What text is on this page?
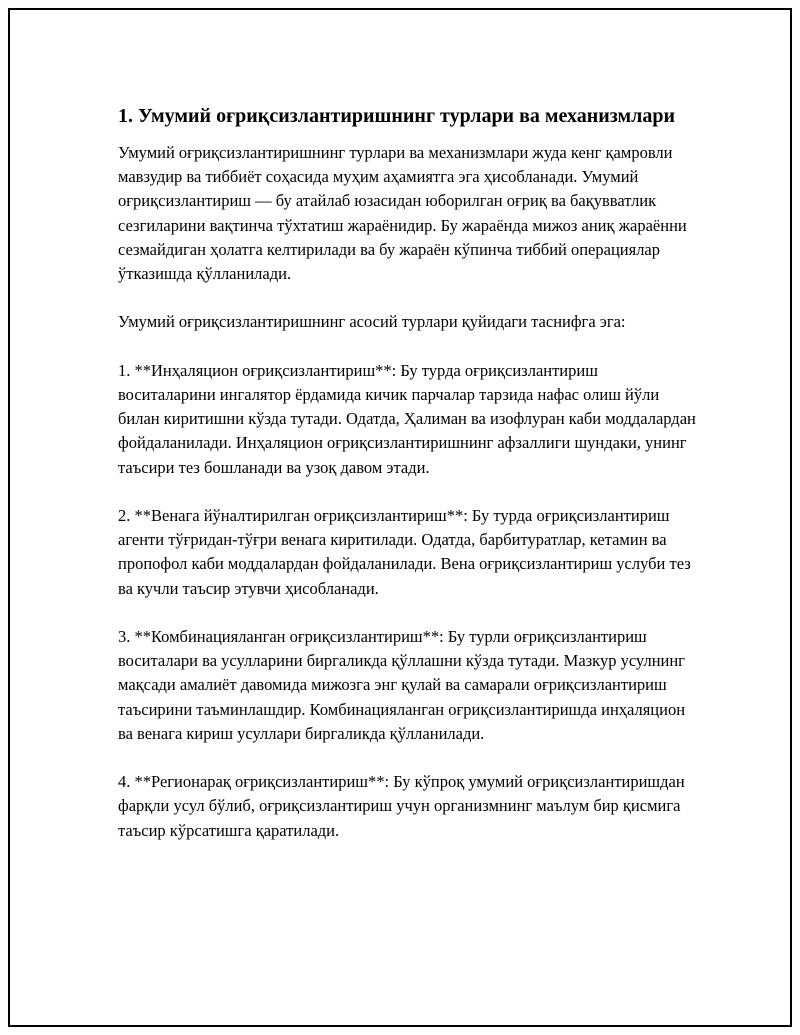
1. Умумий оғриқсизлантиришнинг турлари ва механизмлари

Умумий оғриқсизлантиришнинг турлари ва механизмлари жуда кенг қамровли мавзудир ва тиббиёт соҳасида муҳим аҳамиятга эга ҳисобланади. Умумий оғриқсизлантириш — бу атайлаб юзасидан юборилган оғриқ ва бақувватлик сезгиларини вақтинча тўхтатиш жараёнидир. Бу жараёнда мижоз аниқ жараённи сезмайдиган ҳолатга келтирилади ва бу жараён кўпинча тиббий операциялар ўтказишда қўлланилади.

Умумий оғриқсизлантиришнинг асосий турлари қуйидаги таснифга эга:

1. **Инҳаляцион оғриқсизлантириш**: Бу турда оғриқсизлантириш воситаларини ингалятор ёрдамида кичик парчалар тарзида нафас олиш йўли билан киритишни кўзда тутади. Одатда, Ҳалиман ва изофлуран каби моддалардан фойдаланилади. Инҳаляцион оғриқсизлантиришнинг афзаллиги шундаки, унинг таъсири тез бошланади ва узоқ давом этади.

2. **Венага йўналтирилган оғриқсизлантириш**: Бу турда оғриқсизлантириш агенти тўғридан-тўғри венага киритилади. Одатда, барбитуратлар, кетамин ва пропофол каби моддалардан фойдаланилади. Вена оғриқсизлантириш услуби тез ва кучли таъсир этувчи ҳисобланади.

3. **Комбинацияланган оғриқсизлантириш**: Бу турли оғриқсизлантириш воситалари ва усулларини биргаликда қўллашни кўзда тутади. Мазкур усулнинг мақсади амалиёт давомида мижозга энг қулай ва самарали оғриқсизлантириш таъсирини таъминлашдир. Комбинацияланган оғриқсизлантиришда инҳаляцион ва венага кириш усуллари биргаликда қўлланилади.

4. **Регионарақ оғриқсизлантириш**: Бу кўпроқ умумий оғриқсизлантиришдан фарқли усул бўлиб, оғриқсизлантириш учун организмнинг маълум бир қисмига таъсир кўрсатишга қаратилади.
